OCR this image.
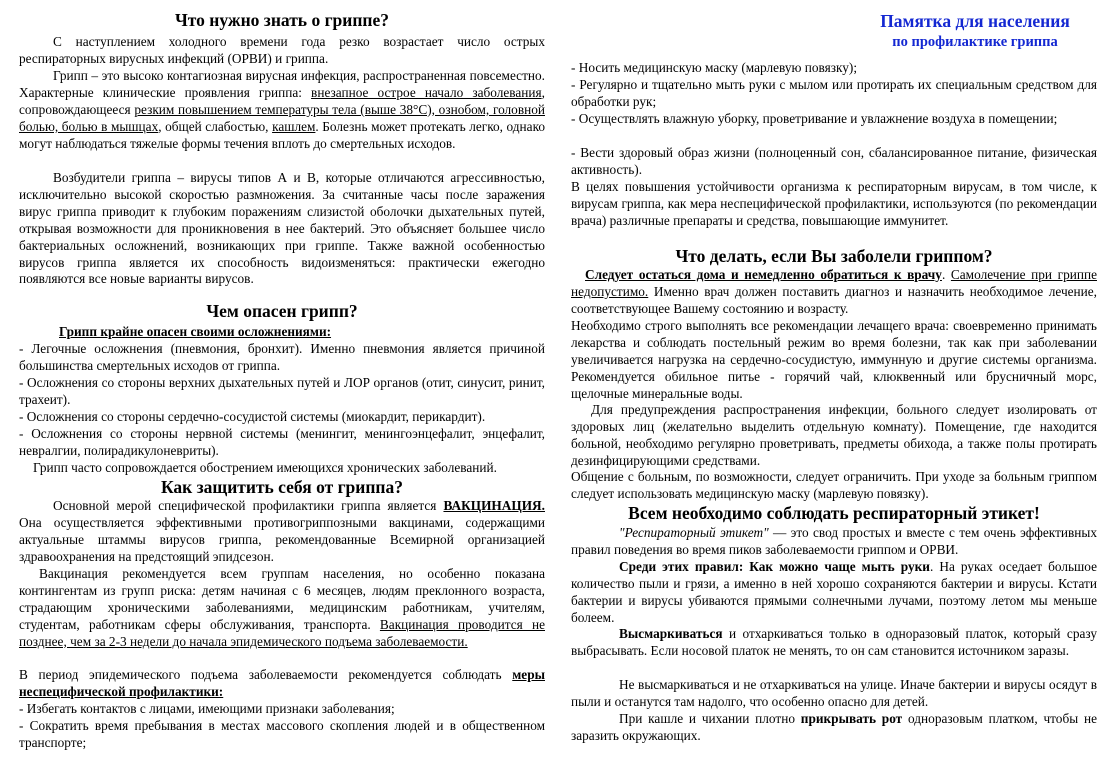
Что нужно знать о гриппе?

С наступлением холодного времени года резко возрастает число острых респираторных вирусных инфекций (ОРВИ) и гриппа.

Грипп – это высоко контагиозная вирусная инфекция, распространенная повсеместно. Характерные клинические проявления гриппа: внезапное острое начало заболевания, сопровождающееся резким повышением температуры тела (выше 38°С), ознобом, головной болью, болью в мышцах, общей слабостью, кашлем. Болезнь может протекать легко, однако могут наблюдаться тяжелые формы течения вплоть до смертельных исходов.

Возбудители гриппа – вирусы типов А и В, которые отличаются агрессивностью, исключительно высокой скоростью размножения. За считанные часы после заражения вирус гриппа приводит к глубоким поражениям слизистой оболочки дыхательных путей, открывая возможности для проникновения в нее бактерий. Это объясняет большее число бактериальных осложнений, возникающих при гриппе. Также важной особенностью вирусов гриппа является их способность видоизменяться: практически ежегодно появляются все новые варианты вирусов.

Чем опасен грипп?

Грипп крайне опасен своими осложнениями:

- Легочные осложнения (пневмония, бронхит). Именно пневмония является причиной большинства смертельных исходов от гриппа.

- Осложнения со стороны верхних дыхательных путей и ЛОР органов (отит, синусит, ринит, трахеит).

- Осложнения со стороны сердечно-сосудистой системы (миокардит, перикардит).

- Осложнения со стороны нервной системы (менингит, менингоэнцефалит, энцефалит, невралгии, полирадикулоневриты).

Грипп часто сопровождается обострением имеющихся хронических заболеваний.

Как защитить себя от гриппа?

Основной мерой специфической профилактики гриппа является ВАКЦИНАЦИЯ. Она осуществляется эффективными противогриппозными вакцинами, содержащими актуальные штаммы вирусов гриппа, рекомендованные Всемирной организацией здравоохранения на предстоящий эпидсезон.

Вакцинация рекомендуется всем группам населения, но особенно показана контингентам из групп риска: детям начиная с 6 месяцев, людям преклонного возраста, страдающим хроническими заболеваниями, медицинским работникам, учителям, студентам, работникам сферы обслуживания, транспорта. Вакцинация проводится не позднее, чем за 2-3 недели до начала эпидемического подъема заболеваемости.

В период эпидемического подъема заболеваемости рекомендуется соблюдать меры неспецифической профилактики:

- Избегать контактов с лицами, имеющими признаки заболевания;

- Сократить время пребывания в местах массового скопления людей и в общественном транспорте;

Памятка для населения
по профилактике гриппа

- Носить медицинскую маску (марлевую повязку);

- Регулярно и тщательно мыть руки с мылом или протирать их специальным средством для обработки рук;

- Осуществлять влажную уборку, проветривание и увлажнение воздуха в помещении;

- Вести здоровый образ жизни (полноценный сон, сбалансированное питание, физическая активность).

В целях повышения устойчивости организма к респираторным вирусам, в том числе, к вирусам гриппа, как мера неспецифической профилактики, используются (по рекомендации врача) различные препараты и средства, повышающие иммунитет.

Что делать, если Вы заболели гриппом?

Следует остаться дома и немедленно обратиться к врачу. Самолечение при гриппе недопустимо. Именно врач должен поставить диагноз и назначить необходимое лечение, соответствующее Вашему состоянию и возрасту.

Необходимо строго выполнять все рекомендации лечащего врача: своевременно принимать лекарства и соблюдать постельный режим во время болезни, так как при заболевании увеличивается нагрузка на сердечно-сосудистую, иммунную и другие системы организма. Рекомендуется обильное питье - горячий чай, клюквенный или брусничный морс, щелочные минеральные воды.

Для предупреждения распространения инфекции, больного следует изолировать от здоровых лиц (желательно выделить отдельную комнату). Помещение, где находится больной, необходимо регулярно проветривать, предметы обихода, а также полы протирать дезинфицирующими средствами.

Общение с больным, по возможности, следует ограничить. При уходе за больным гриппом следует использовать медицинскую маску (марлевую повязку).

Всем необходимо соблюдать респираторный этикет!

"Респираторный этикет" — это свод простых и вместе с тем очень эффективных правил поведения во время пиков заболеваемости гриппом и ОРВИ.

Среди этих правил: Как можно чаще мыть руки. На руках оседает большое количество пыли и грязи, а именно в ней хорошо сохраняются бактерии и вирусы. Кстати бактерии и вирусы убиваются прямыми солнечными лучами, поэтому летом мы меньше болеем.

Высмаркиваться и отхаркиваться только в одноразовый платок, который сразу выбрасывать. Если носовой платок не менять, то он сам становится источником заразы.

Не высмаркиваться и не отхаркиваться на улице. Иначе бактерии и вирусы осядут в пыли и останутся там надолго, что особенно опасно для детей.

При кашле и чихании плотно прикрывать рот одноразовым платком, чтобы не заразить окружающих.
